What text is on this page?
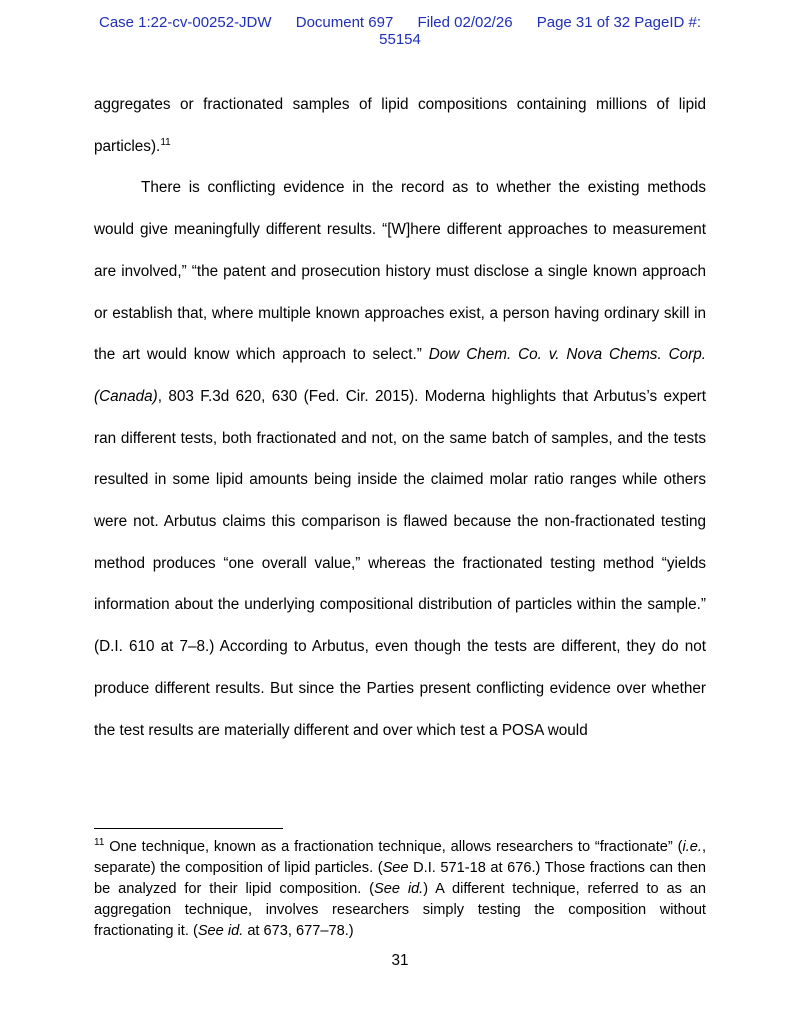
Case 1:22-cv-00252-JDW Document 697 Filed 02/02/26 Page 31 of 32 PageID #:
55154

aggregates or fractionated samples of lipid compositions containing millions of lipid particles).$^{11}$

There is conflicting evidence in the record as to whether the existing methods would give meaningfully different results. “[W]here different approaches to measurement are involved,” “the patent and prosecution history must disclose a single known approach or establish that, where multiple known approaches exist, a person having ordinary skill in the art would know which approach to select.” Dow Chem. Co. v. Nova Chems. Corp. (Canada), 803 F.3d 620, 630 (Fed. Cir. 2015). Moderna highlights that Arbutus’s expert ran different tests, both fractionated and not, on the same batch of samples, and the tests resulted in some lipid amounts being inside the claimed molar ratio ranges while others were not. Arbutus claims this comparison is flawed because the non-fractionated testing method produces “one overall value,” whereas the fractionated testing method “yields information about the underlying compositional distribution of particles within the sample.” (D.I. 610 at 7–8.) According to Arbutus, even though the tests are different, they do not produce different results. But since the Parties present conflicting evidence over whether the test results are materially different and over which test a POSA would

$^{11}$ One technique, known as a fractionation technique, allows researchers to “fractionate” (i.e., separate) the composition of lipid particles. (See D.I. 571-18 at 676.) Those fractions can then be analyzed for their lipid composition. (See id.) A different technique, referred to as an aggregation technique, involves researchers simply testing the composition without fractionating it. (See id. at 673, 677–78.)
31
